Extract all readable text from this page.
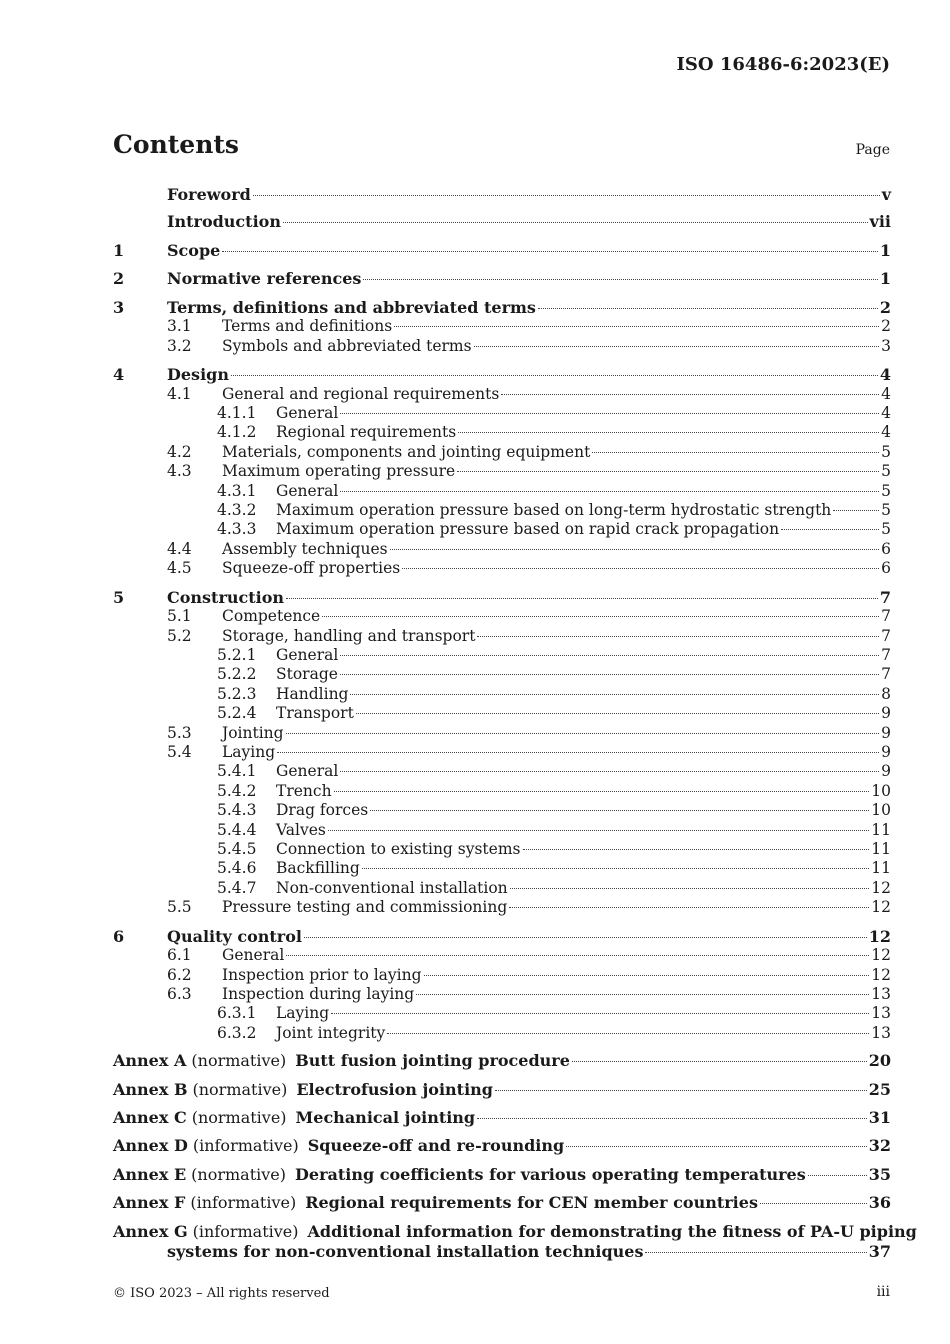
ISO 16486-6:2023(E)
Contents	Page
Foreword	v
Introduction	vii
1	Scope	1
2	Normative references	1
3	Terms, definitions and abbreviated terms	2
3.1	Terms and definitions	2
3.2	Symbols and abbreviated terms	3
4	Design	4
4.1	General and regional requirements	4
4.1.1	General	4
4.1.2	Regional requirements	4
4.2	Materials, components and jointing equipment	5
4.3	Maximum operating pressure	5
4.3.1	General	5
4.3.2	Maximum operation pressure based on long-term hydrostatic strength	5
4.3.3	Maximum operation pressure based on rapid crack propagation	5
4.4	Assembly techniques	6
4.5	Squeeze-off properties	6
5	Construction	7
5.1	Competence	7
5.2	Storage, handling and transport	7
5.2.1	General	7
5.2.2	Storage	7
5.2.3	Handling	8
5.2.4	Transport	9
5.3	Jointing	9
5.4	Laying	9
5.4.1	General	9
5.4.2	Trench	10
5.4.3	Drag forces	10
5.4.4	Valves	11
5.4.5	Connection to existing systems	11
5.4.6	Backfilling	11
5.4.7	Non-conventional installation	12
5.5	Pressure testing and commissioning	12
6	Quality control	12
6.1	General	12
6.2	Inspection prior to laying	12
6.3	Inspection during laying	13
6.3.1	Laying	13
6.3.2	Joint integrity	13
Annex A (normative) Butt fusion jointing procedure	20
Annex B (normative) Electrofusion jointing	25
Annex C (normative) Mechanical jointing	31
Annex D (informative) Squeeze-off and re-rounding	32
Annex E (normative) Derating coefficients for various operating temperatures	35
Annex F (informative) Regional requirements for CEN member countries	36
Annex G (informative) Additional information for demonstrating the fitness of PA-U piping
systems for non-conventional installation techniques	37
© ISO 2023 – All rights reserved	iii
